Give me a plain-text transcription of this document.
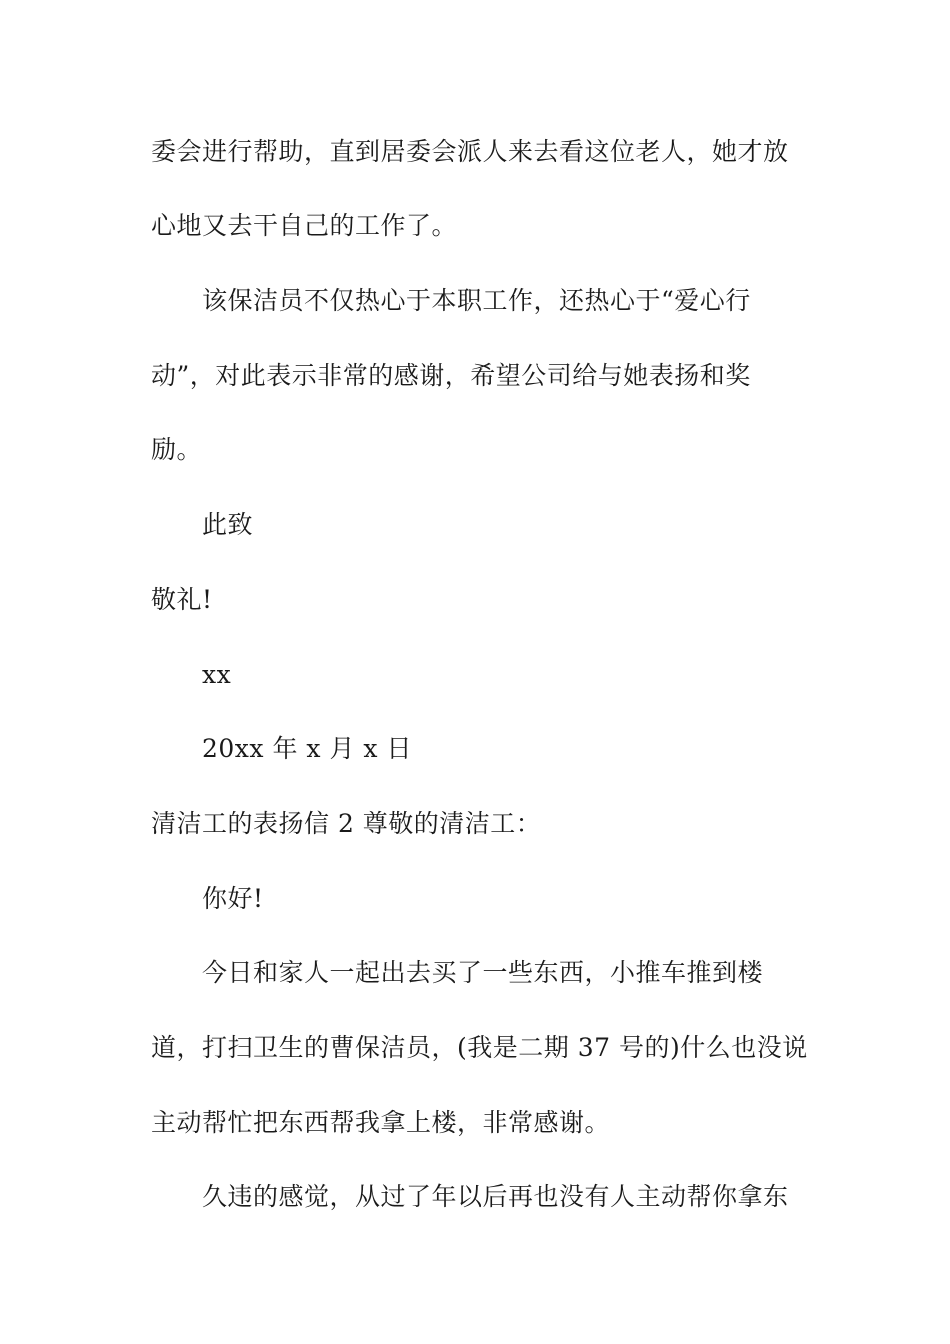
委会进行帮助，直到居委会派人来去看这位老人，她才放
心地又去干自己的工作了。
该保洁员不仅热心于本职工作，还热心于“爱心行
动”，对此表示非常的感谢，希望公司给与她表扬和奖
励。
此致
敬礼!
xx
20xx 年 x 月 x 日
清洁工的表扬信 2 尊敬的清洁工：
你好!
今日和家人一起出去买了一些东西，小推车推到楼
道，打扫卫生的曹保洁员，(我是二期 37 号的)什么也没说
主动帮忙把东西帮我拿上楼，非常感谢。
久违的感觉，从过了年以后再也没有人主动帮你拿东
